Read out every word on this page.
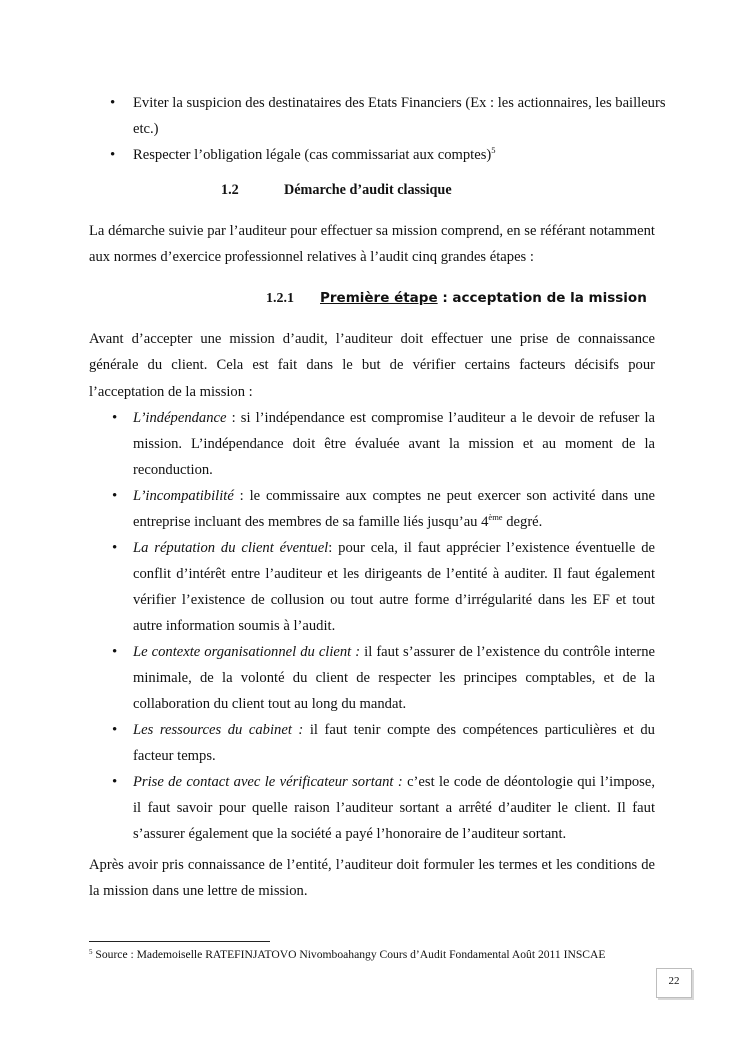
• Eviter la suspicion des destinataires des Etats Financiers (Ex : les actionnaires, les bailleurs etc.)
• Respecter l’obligation légale (cas commissariat aux comptes)$^5$
1.2	Démarche d’audit classique
La démarche suivie par l’auditeur pour effectuer sa mission comprend, en se référant notamment aux normes d’exercice professionnel relatives à l’audit cinq grandes étapes :
1.2.1 Première étape : acceptation de la mission
Avant d’accepter une mission d’audit, l’auditeur doit effectuer une prise de connaissance générale du client. Cela est fait dans le but de vérifier certains facteurs décisifs pour l’acceptation de la mission :
• L’indépendance : si l’indépendance est compromise l’auditeur a le devoir de refuser la mission. L’indépendance doit être évaluée avant la mission et au moment de la reconduction.
• L’incompatibilité : le commissaire aux comptes ne peut exercer son activité dans une entreprise incluant des membres de sa famille liés jusqu’au 4ème degré.
• La réputation du client éventuel: pour cela, il faut apprécier l’existence éventuelle de conflit d’intérêt entre l’auditeur et les dirigeants de l’entité à auditer. Il faut également vérifier l’existence de collusion ou tout autre forme d’irrégularité dans les EF et tout autre information soumis à l’audit.
• Le contexte organisationnel du client : il faut s’assurer de l’existence du contrôle interne minimale, de la volonté du client de respecter les principes comptables, et de la collaboration du client tout au long du mandat.
• Les ressources du cabinet : il faut tenir compte des compétences particulières et du facteur temps.
• Prise de contact avec le vérificateur sortant : c’est le code de déontologie qui l’impose, il faut savoir pour quelle raison l’auditeur sortant a arrêté d’auditer le client. Il faut s’assurer également que la société a payé l’honoraire de l’auditeur sortant.
Après avoir pris connaissance de l’entité, l’auditeur doit formuler les termes et les conditions de la mission dans une lettre de mission.
$^5$ Source : Mademoiselle RATEFINJATOVO Nivomboahangy Cours d’Audit Fondamental Août 2011 INSCAE
22
